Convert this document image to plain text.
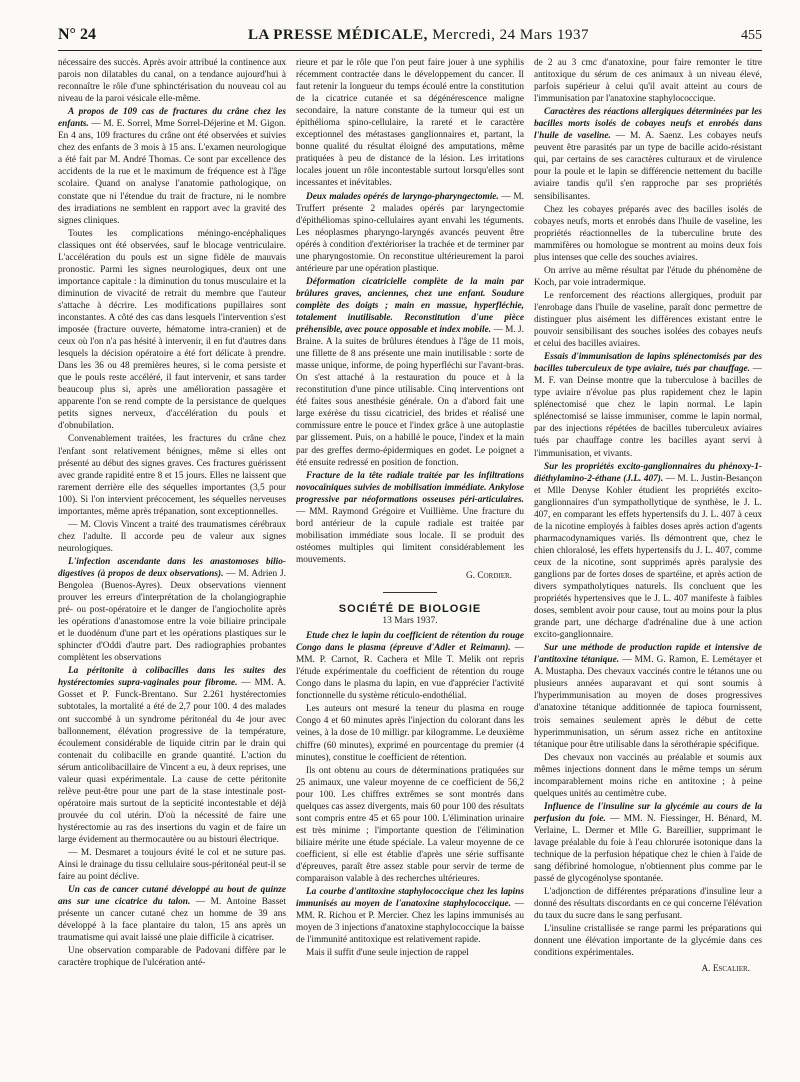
N° 24	LA PRESSE MÉDICALE, Mercredi, 24 Mars 1937	455

nécessaire des succès. Après avoir attribué la continence aux parois non dilatables du canal, on a tendance aujourd'hui à reconnaître le rôle d'une sphinctérisation du nouveau col au niveau de la paroi vésicale elle-même.

A propos de 109 cas de fractures du crâne chez les enfants. — M. E. Sorrel, Mme Sorrel-Déjerine et M. Gigon. En 4 ans, 109 fractures du crâne ont été observées et suivies chez des enfants de 3 mois à 15 ans. L'examen neurologique a été fait par M. André Thomas. Ce sont par excellence des accidents de la rue et le maximum de fréquence est à l'âge scolaire. Quand on analyse l'anatomie pathologique, on constate que ni l'étendue du trait de fracture, ni le nombre des irradiations ne semblent en rapport avec la gravité des signes cliniques.

Toutes les complications méningo-encéphaliques classiques ont été observées, sauf le blocage ventriculaire. L'accélération du pouls est un signe fidèle de mauvais pronostic. Parmi les signes neurologiques, deux ont une importance capitale : la diminution du tonus musculaire et la diminution de vivacité de retrait du membre que l'auteur s'attache à décrire. Les modifications pupillaires sont inconstantes. A côté des cas dans lesquels l'intervention s'est imposée (fracture ouverte, hématome intra-cranien) et de ceux où l'on n'a pas hésité à intervenir, il en fut d'autres dans lesquels la décision opératoire a été fort délicate à prendre. Dans les 36 ou 48 premières heures, si le coma persiste et que le pouls reste accéléré, il faut intervenir, et sans tarder beaucoup plus si, après une amélioration passagère et apparente l'on se rend compte de la persistance de quelques petits signes nerveux, d'accélération du pouls et d'obnubilation.

Convenablement traitées, les fractures du crâne chez l'enfant sont relativement bénignes, même si elles ont présenté au début des signes graves. Ces fractures guérissent avec grande rapidité entre 8 et 15 jours. Elles ne laissent que rarement derrière elle des séquelles importantes (3,5 pour 100). Si l'on intervient précocement, les séquelles nerveuses importantes, même après trépanation, sont exceptionnelles.

— M. Clovis Vincent a traité des traumatismes cérébraux chez l'adulte. Il accorde peu de valeur aux signes neurologiques.

L'infection ascendante dans les anastomoses bilio-digestives (à propos de deux observations). — M. Adrien J. Bengolea (Buenos-Ayres). Deux observations viennent prouver les erreurs d'interprétation de la cholangiographie pré- ou post-opératoire et le danger de l'angiocholite après les opérations d'anastomose entre la voie biliaire principale et le duodénum d'une part et les opérations plastiques sur le sphincter d'Oddi d'autre part. Des radiographies probantes complètent les observations

La péritonite à colibacilles dans les suites des hystérectomies supra-vaginales pour fibrome. — MM. A. Gosset et P. Funck-Brentano. Sur 2.261 hystérectomies subtotales, la mortalité a été de 2,7 pour 100. 4 des malades ont succombé à un syndrome péritonéal du 4e jour avec ballonnement, élévation progressive de la température, écoulement considérable de liquide citrin par le drain qui contenait du colibacille en grande quantité. L'action du sérum anticolibacillaire de Vincent a eu, à deux reprises, une valeur quasi expérimentale. La cause de cette péritonite relève peut-être pour une part de la stase intestinale post-opératoire mais surtout de la septicité incontestable et déjà prouvée du col utérin. D'où la nécessité de faire une hystérectomie au ras des insertions du vagin et de faire un large évidement au thermocautère ou au bistouri électrique.

— M. Desmaret a toujours évité le col et ne suture pas. Ainsi le drainage du tissu cellulaire sous-péritonéal peut-il se faire au point déclive.

Un cas de cancer cutané développé au bout de quinze ans sur une cicatrice du talon. — M. Antoine Basset présente un cancer cutané chez un homme de 39 ans développé à la face plantaire du talon, 15 ans après un traumatisme qui avait laissé une plaie difficile à cicatriser.

Une observation comparable de Padovani diffère par le caractère trophique de l'ulcération anté-

rieure et par le rôle que l'on peut faire jouer à une syphilis récemment contractée dans le développement du cancer. Il faut retenir la longueur du temps écoulé entre la constitution de la cicatrice cutanée et sa dégénérescence maligne secondaire, la nature constante de la tumeur qui est un épithélioma spino-cellulaire, la rareté et le caractère exceptionnel des métastases ganglionnaires et, partant, la bonne qualité du résultat éloigné des amputations, même pratiquées à peu de distance de la lésion. Les irritations locales jouent un rôle incontestable surtout lorsqu'elles sont incessantes et inévitables.

Deux malades opérés de laryngo-pharyngectomie. — M. Truffert présente 2 malades opérés par laryngectomie d'épithéliomas spino-cellulaires ayant envahi les téguments. Les néoplasmes pharyngo-laryngés avancés peuvent être opérés à condition d'extérioriser la trachée et de terminer par une pharyngostomie. On reconstitue ultérieurement la paroi antérieure par une opération plastique.

Déformation cicatricielle complète de la main par brûlures graves, anciennes, chez une enfant. Soudure complète des doigts ; main en massue, hyperfléchie, totalement inutilisable. Reconstitution d'une pièce préhensible, avec pouce opposable et index mobile. — M. J. Braine. A la suites de brûlures étendues à l'âge de 11 mois, une fillette de 8 ans présente une main inutilisable : sorte de masse unique, informe, de poing hyperfléchi sur l'avant-bras. On s'est attaché à la restauration du pouce et à la reconstitution d'une pince utilisable. Cinq interventions ont été faites sous anesthésie générale. On a d'abord fait une large exérèse du tissu cicatriciel, des brides et réalisé une commissure entre le pouce et l'index grâce à une autoplastie par glissement. Puis, on a habillé le pouce, l'index et la main par des greffes dermo-épidermiques en godet. Le poignet a été ensuite redressé en position de fonction.

Fracture de la tête radiale traitée par les infiltrations novocaïniques suivies de mobilisation immédiate. Ankylose progressive par néoformations osseuses péri-articulaires. — MM. Raymond Grégoire et Vuillième. Une fracture du bord antérieur de la cupule radiale est traitée par mobilisation immédiate sous locale. Il se produit des ostéomes multiples qui limitent considérablement les mouvements.

G. Cordier.

SOCIÉTÉ DE BIOLOGIE
13 Mars 1937.

Etude chez le lapin du coefficient de rétention du rouge Congo dans le plasma (épreuve d'Adler et Reimann). — MM. P. Carnot, R. Cachera et Mlle T. Melik ont repris l'étude expérimentale du coefficient de rétention du rouge Congo dans le plasma du lapin, en vue d'apprécier l'activité fonctionnelle du système réticulo-endothélial.

Les auteurs ont mesuré la teneur du plasma en rouge Congo 4 et 60 minutes après l'injection du colorant dans les veines, à la dose de 10 milligr. par kilogramme. Le deuxième chiffre (60 minutes), exprimé en pourcentage du premier (4 minutes), constitue le coefficient de rétention.

Ils ont obtenu au cours de déterminations pratiquées sur 25 animaux, une valeur moyenne de ce coefficient de 56,2 pour 100. Les chiffres extrêmes se sont montrés dans quelques cas assez divergents, mais 60 pour 100 des résultats sont compris entre 45 et 65 pour 100. L'élimination urinaire est très minime ; l'importante question de l'élimination biliaire mérite une étude spéciale. La valeur moyenne de ce coefficient, si elle est établie d'après une série suffisante d'épreuves, paraît être assez stable pour servir de terme de comparaison valable à des recherches ultérieures.

La courbe d'antitoxine staphylococcique chez les lapins immunisés au moyen de l'anatoxine staphylococcique. — MM. R. Richou et P. Mercier. Chez les lapins immunisés au moyen de 3 injections d'anatoxine staphylococcique la baisse de l'immunité antitoxique est relativement rapide.

Mais il suffit d'une seule injection de rappel

de 2 au 3 cmc d'anatoxine, pour faire remonter le titre antitoxique du sérum de ces animaux à un niveau élevé, parfois supérieur à celui qu'il avait atteint au cours de l'immunisation par l'anatoxine staphylococcique.

Caractères des réactions allergiques déterminées par les bacilles morts isolés de cobayes neufs et enrobés dans l'huile de vaseline. — M. A. Saenz. Les cobayes neufs peuvent être parasités par un type de bacille acido-résistant qui, par certains de ses caractères culturaux et de virulence pour la poule et le lapin se différencie nettement du bacille aviaire tandis qu'il s'en rapproche par ses propriétés sensibilisantes.

Chez les cobayes préparés avec des bacilles isolés de cobayes neufs, morts et enrobés dans l'huile de vaseline, les propriétés réactionnelles de la tuberculine brute des mammifères ou homologue se montrent au moins deux fois plus intenses que celle des souches aviaires.

On arrive au même résultat par l'étude du phénomène de Koch, par voie intradermique.

Le renforcement des réactions allergiques, produit par l'enrobage dans l'huile de vaseline, paraît donc permettre de distinguer plus aisément les différences existant entre le pouvoir sensibilisant des souches isolées des cobayes neufs et celui des bacilles aviaires.

Essais d'immunisation de lapins splénectomisés par des bacilles tuberculeux de type aviaire, tués par chauffage. — M. F. van Deinse montre que la tuberculose à bacilles de type aviaire n'évolue pas plus rapidement chez le lapin splénectomisé que chez le lapin normal. Le lapin splénectomisé se laisse immuniser, comme le lapin normal, par des injections répétées de bacilles tuberculeux aviaires tués par chauffage contre les bacilles ayant servi à l'immunisation, et vivants.

Sur les propriétés excito-ganglionnaires du phénoxy-1-diéthylamino-2-éthane (J.L. 407). — M. L. Justin-Besançon et Mlle Denyse Kohler étudient les propriétés excito-ganglionnaires d'un sympathollytique de synthèse, le J. L. 407, en comparant les effets hypertensifs du J. L. 407 à ceux de la nicotine employés à faibles doses après action d'agents pharmacodynamiques variés. Ils démontrent que, chez le chien chloralosé, les effets hypertensifs du J. L. 407, comme ceux de la nicotine, sont supprimés après paralysie des ganglions par de fortes doses de spartéine, et après action de divers sympatholytiques naturels. Ils concluent que les propriétés hypertensives que le J. L. 407 manifeste à faibles doses, semblent avoir pour cause, tout au moins pour la plus grande part, une décharge d'adrénaline due à une action excito-ganglionnaire.

Sur une méthode de production rapide et intensive de l'antitoxine tétanique. — MM. G. Ramon, E. Lemétayer et A. Mustapha. Des chevaux vaccinés contre le tétanos une ou plusieurs années auparavant et qui sont soumis à l'hyperimmunisation au moyen de doses progressives d'anatoxine tétanique additionnée de tapioca fournissent, trois semaines seulement après le début de cette hyperimmunisation, un sérum assez riche en antitoxine tétanique pour être utilisable dans la sérothérapie spécifique.

Des chevaux non vaccinés au préalable et soumis aux mêmes injections donnent dans le même temps un sérum incomparablement moins riche en antitoxine ; à peine quelques unités au centimètre cube.

Influence de l'insuline sur la glycémie au cours de la perfusion du foie. — MM. N. Fiessinger, H. Bénard, M. Verlaine, L. Dermer et Mlle G. Bareillier, supprimant le lavage préalable du foie à l'eau chlorurée isotonique dans la technique de la perfusion hépatique chez le chien à l'aide de sang défibriné homologue, n'obtiennent plus comme par le passé de glycogénolyse spontanée.

L'adjonction de différentes préparations d'insuline leur a donné des résultats discordants en ce qui concerne l'élévation du taux du sucre dans le sang perfusant.

L'insuline cristallisée se range parmi les préparations qui donnent une élévation importante de la glycémie dans ces conditions expérimentales.

A. Escalier.
